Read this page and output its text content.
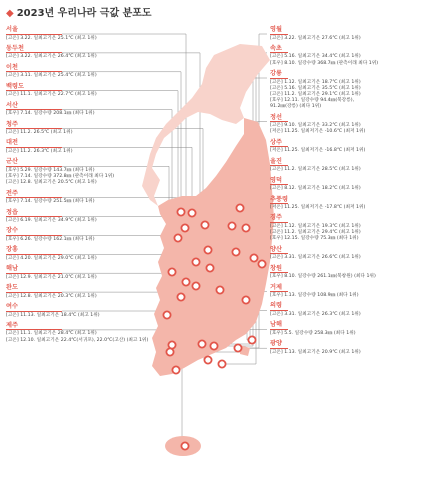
◆ 2023년 우리나라 극값 분포도
서울
[고온] 3.22. 일최고기온 25.1℃ (최고 1위)
동두천
[고온] 3.22. 일최고기온 26.4℃ (최고 1위)
이천
[고온] 3.11. 일최고기온 25.4℃ (최고 1위)
백령도
[고온] 11.1. 일최고기온 22.7℃ (최고 1위)
서산
[호우] 7.14. 일강수량 208.1㎜ (최다 1위)
청주
[고온] 11.2. 26.5℃ (최고 1위)
대전
[고온] 11.2. 26.3℃ (최고 1위)
군산
[호우] 5.29. 일강수량 143.7㎜ (최다 1위)
[호우] 7.14. 일강수량 372.8㎜ (관측이래 최다 1위)
[고온] 12.8. 일최고기온 20.5℃ (최고 1위)
전주
[호우] 7.14. 일강수량 251.5㎜ (최다 1위)
정읍
[고온] 6.19. 일최고기온 34.9℃ (최고 1위)
장수
[호우] 6.26. 일강수량 162.1㎜ (최다 1위)
장흥
[고온] 4.20. 일최고기온 29.0℃ (최고 1위)
해남
[고온] 12.9. 일최고기온 21.0℃ (최고 1위)
완도
[고온] 12.8. 일최고기온 20.3℃ (최고 1위)
여수
[고온] 11.13. 일최고기온 18.4℃ (최고 1위)
제주
[고온] 11.1. 일최고기온 28.4℃ (최고 1위)
[고온] 12.10. 일최고기온 22.4℃(서귀포), 22.0℃(고산) (최고 1위)
영월
[고온] 3.22. 일최고기온 27.6℃ (최고 1위)
속초
[고온] 5.16. 일최고기온 34.4℃ (최고 1위)
[호우] 8.10. 일강수량 368.7㎜ (관측이래 최다 1위)
강릉
[고온] 1.12. 일최고기온 18.7℃ (최고 1위)
[고온] 5.16. 일최고기온 35.5℃ (최고 1위)
[고온] 11.2. 일최고기온 29.1℃ (최고 1위)
[호우] 12.11. 일강수량 94.4㎜(북강릉),
91.2㎜(강릉) (최다 1위)
정선
[고온] 9.10. 일최고기온 33.2℃ (최고 1위)
[저온] 11.25. 일최저기온 -10.6℃ (최저 1위)
상주
[저온] 11.25. 일최저기온 -16.8℃ (최저 1위)
울진
[고온] 11.2. 일최고기온 28.5℃ (최고 1위)
영덕
[고온] 8.12. 일최고기온 18.2℃ (최고 1위)
추풍령
[저온] 11.25. 일최저기온 -17.8℃ (최저 1위)
경주
[고온] 1.12. 일최고기온 19.3℃ (최고 1위)
[고온] 11.2. 일최고기온 29.4℃ (최고 1위)
[호우] 12.15. 일강수량 75.3㎜ (최다 1위)
양산
[고온] 3.31. 일최고기온 26.6℃ (최고 1위)
창원
[호우] 8.10. 일강수량 261.1㎜(북창원) (최다 1위)
거제
[호우] 1.13. 일강수량 108.9㎜ (최다 1위)
의령
[고온] 3.31. 일최고기온 26.3℃ (최고 1위)
남해
[호우] 5.5. 일강수량 258.3㎜ (최다 1위)
광양
[고온] 1.13. 일최고기온 20.9℃ (최고 1위)
